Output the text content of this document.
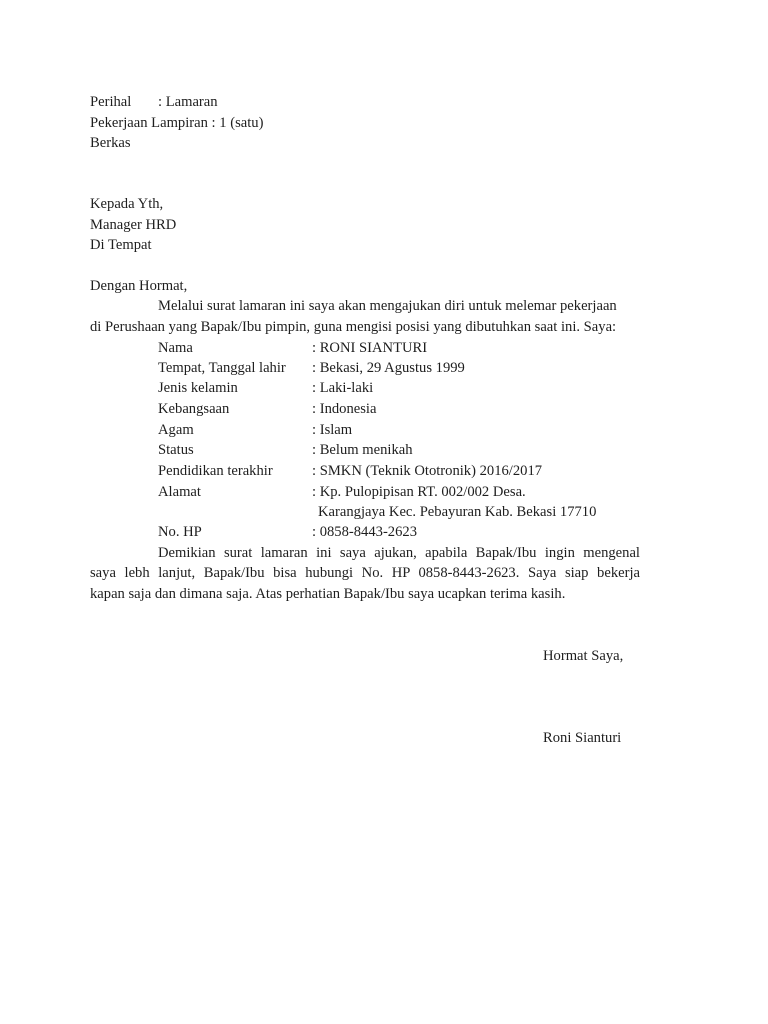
Perihal : Lamaran
Pekerjaan Lampiran : 1 (satu)
Berkas
Kepada Yth,
Manager HRD
Di Tempat
Dengan Hormat,
Melalui surat lamaran ini saya akan mengajukan diri untuk melemar pekerjaan
di Perushaan yang Bapak/Ibu pimpin, guna mengisi posisi yang dibutuhkan saat ini. Saya:
Nama	: RONI SIANTURI
Tempat, Tanggal lahir : Bekasi, 29 Agustus 1999
Jenis kelamin	: Laki-laki
Kebangsaan	: Indonesia
Agam	: Islam
Status	: Belum menikah
Pendidikan terakhir	: SMKN (Teknik Ototronik) 2016/2017
Alamat	: Kp. Pulopipisan RT. 002/002 Desa.
Karangjaya Kec. Pebayuran Kab. Bekasi 17710
No. HP	: 0858-8443-2623
Demikian surat lamaran ini saya ajukan, apabila Bapak/Ibu ingin mengenal
saya lebh lanjut, Bapak/Ibu bisa hubungi No. HP 0858-8443-2623. Saya siap bekerja
kapan saja dan dimana saja. Atas perhatian Bapak/Ibu saya ucapkan terima kasih.
Hormat Saya,
Roni Sianturi
